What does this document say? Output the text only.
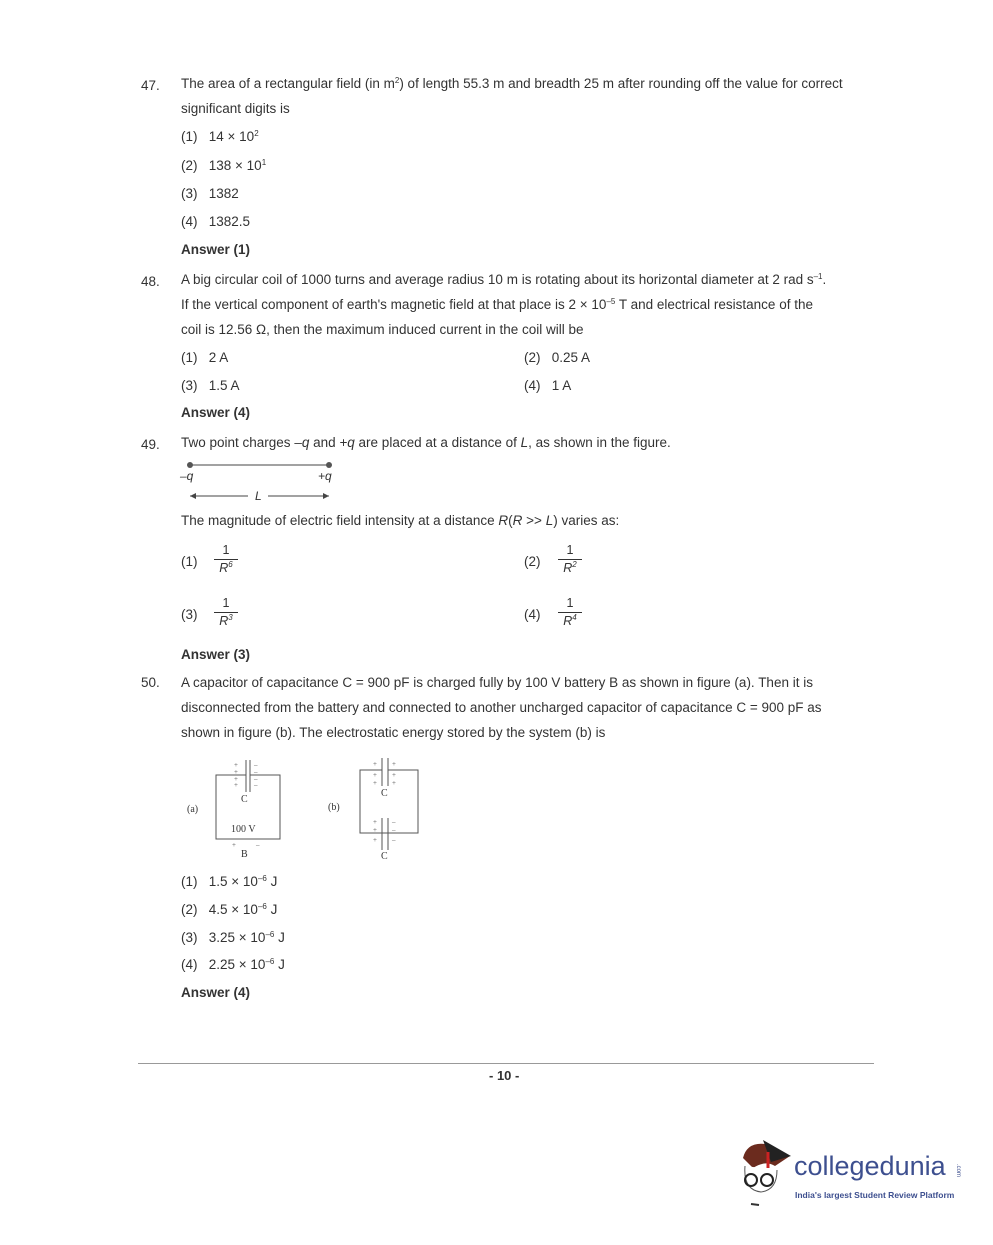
47. The area of a rectangular field (in $m^2$) of length 55.3 m and breadth 25 m after rounding off the value for correct
significant digits is
(1) $14 \times 10^2$
(2) $138 \times 10^1$
(3) 1382
(4) 1382.5
Answer (1)
48. A big circular coil of 1000 turns and average radius 10 m is rotating about its horizontal diameter at 2 rad $s^{-1}$.
If the vertical component of earth's magnetic field at that place is $2 \times 10^{-5}$ T and electrical resistance of the
coil is 12.56 Ω, then the maximum induced current in the coil will be
(1) 2 A	(2) 0.25 A
(3) 1.5 A	(4) 1 A
Answer (4)
49. Two point charges –q and +q are placed at a distance of L, as shown in the figure.
–q	+q
L
The magnitude of electric field intensity at a distance R(R >> L) varies as:
$(1) \frac{1}{R^6}$	$(2) \frac{1}{R^2}$
$(3) \frac{1}{R^3}$	$(4) \frac{1}{R^4}$
Answer (3)
50. A capacitor of capacitance C = 900 pF is charged fully by 100 V battery B as shown in figure (a). Then it is
disconnected from the battery and connected to another uncharged capacitor of capacitance C = 900 pF as
shown in figure (b). The electrostatic energy stored by the system (b) is
+
+
+
+
–
–
–
–
+
+
+
+
+
+
+
+
+
–
–
–
+	–
(a)	(b)
C
100 V
B
C
C
(1) $1.5 \times 10^{-6}$ J
(2) $4.5 \times 10^{-6}$ J
(3) $3.25 \times 10^{-6}$ J
(4) $2.25 \times 10^{-6}$ J
Answer (4)
- 10 -
collegedunia	.com
India's largest Student Review Platform
